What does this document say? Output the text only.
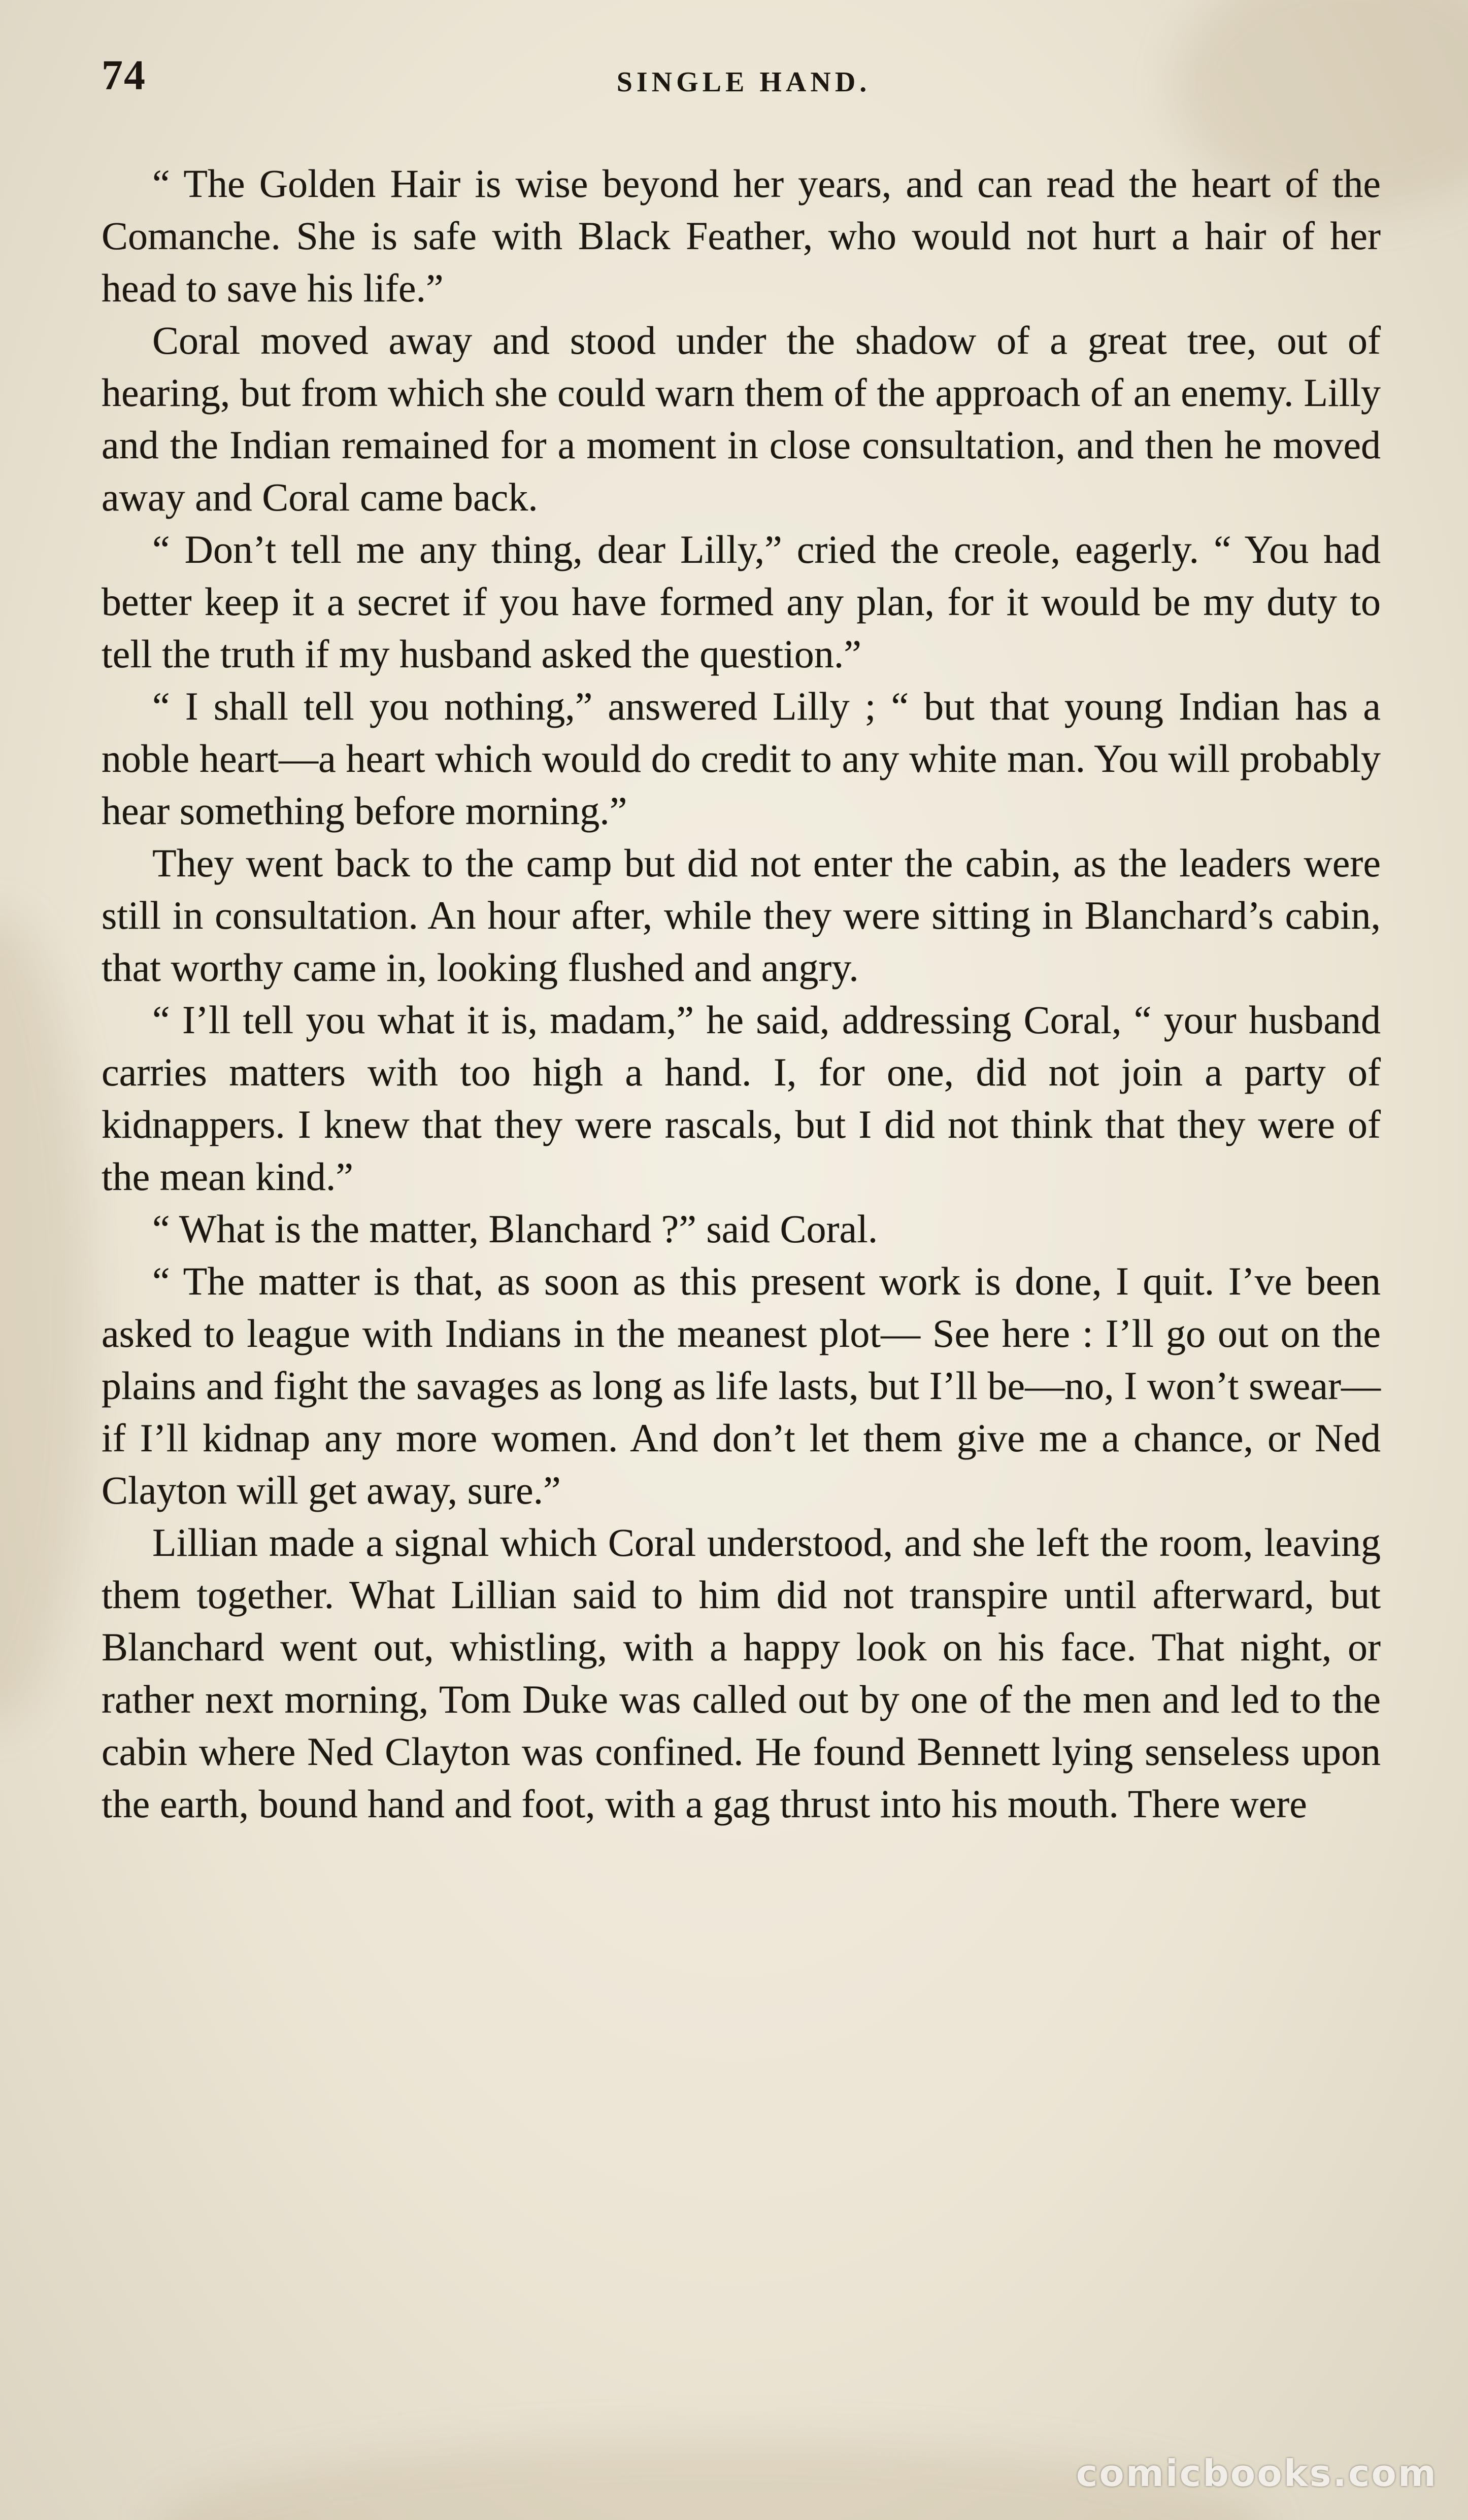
74	SINGLE HAND.

“ The Golden Hair is wise beyond her years, and can read the heart of the Comanche. She is safe with Black Feather, who would not hurt a hair of her head to save his life.”

Coral moved away and stood under the shadow of a great tree, out of hearing, but from which she could warn them of the approach of an enemy. Lilly and the Indian remained for a moment in close consultation, and then he moved away and Coral came back.

“ Don’t tell me any thing, dear Lilly,” cried the creole, eagerly. “ You had better keep it a secret if you have formed any plan, for it would be my duty to tell the truth if my husband asked the question.”

“ I shall tell you nothing,” answered Lilly ; “ but that young Indian has a noble heart—a heart which would do credit to any white man. You will probably hear something before morning.”

They went back to the camp but did not enter the cabin, as the leaders were still in consultation. An hour after, while they were sitting in Blanchard’s cabin, that worthy came in, looking flushed and angry.

“ I’ll tell you what it is, madam,” he said, addressing Coral, “ your husband carries matters with too high a hand. I, for one, did not join a party of kidnappers. I knew that they were rascals, but I did not think that they were of the mean kind.”

“ What is the matter, Blanchard ?” said Coral.

“ The matter is that, as soon as this present work is done, I quit. I’ve been asked to league with Indians in the meanest plot— See here : I’ll go out on the plains and fight the savages as long as life lasts, but I’ll be—no, I won’t swear—if I’ll kidnap any more women. And don’t let them give me a chance, or Ned Clayton will get away, sure.”

Lillian made a signal which Coral understood, and she left the room, leaving them together. What Lillian said to him did not transpire until afterward, but Blanchard went out, whistling, with a happy look on his face. That night, or rather next morning, Tom Duke was called out by one of the men and led to the cabin where Ned Clayton was confined. He found Bennett lying senseless upon the earth, bound hand and foot, with a gag thrust into his mouth. There were

comicbooks.com
